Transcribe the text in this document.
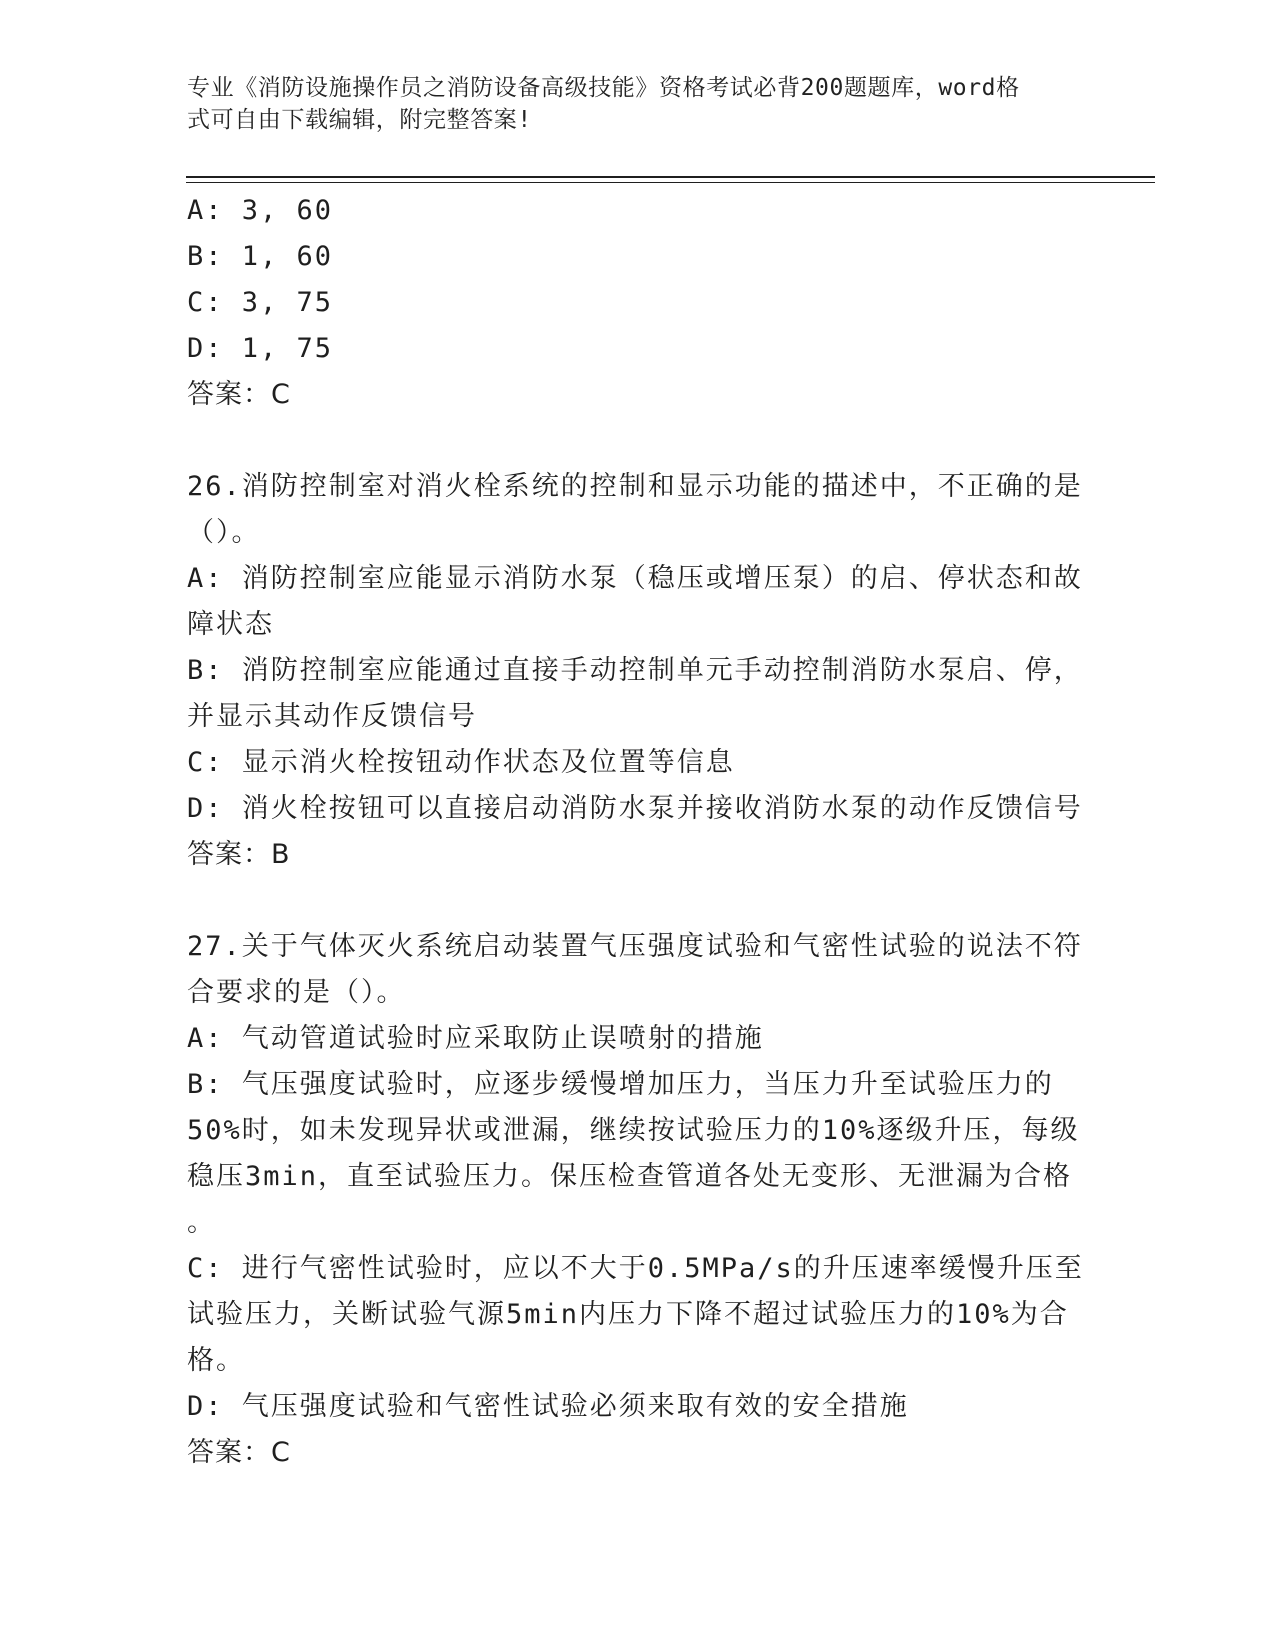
专业《消防设施操作员之消防设备高级技能》资格考试必背200题题库，word格
式可自由下载编辑，附完整答案!
A: 3, 60
B: 1, 60
C: 3, 75
D: 1, 75
答案：C
26.消防控制室对消火栓系统的控制和显示功能的描述中，不正确的是
（）。
A: 消防控制室应能显示消防水泵（稳压或增压泵）的启、停状态和故
障状态
B: 消防控制室应能通过直接手动控制单元手动控制消防水泵启、停，
并显示其动作反馈信号
C: 显示消火栓按钮动作状态及位置等信息
D: 消火栓按钮可以直接启动消防水泵并接收消防水泵的动作反馈信号
答案：B
27.关于气体灭火系统启动装置气压强度试验和气密性试验的说法不符
合要求的是（）。
A: 气动管道试验时应采取防止误喷射的措施
B: 气压强度试验时，应逐步缓慢增加压力，当压力升至试验压力的
50%时，如未发现异状或泄漏，继续按试验压力的10%逐级升压，每级
稳压3min，直至试验压力。保压检查管道各处无变形、无泄漏为合格
。
C: 进行气密性试验时，应以不大于0.5MPa/s的升压速率缓慢升压至
试验压力，关断试验气源5min内压力下降不超过试验压力的10%为合
格。
D: 气压强度试验和气密性试验必须来取有效的安全措施
答案：C
